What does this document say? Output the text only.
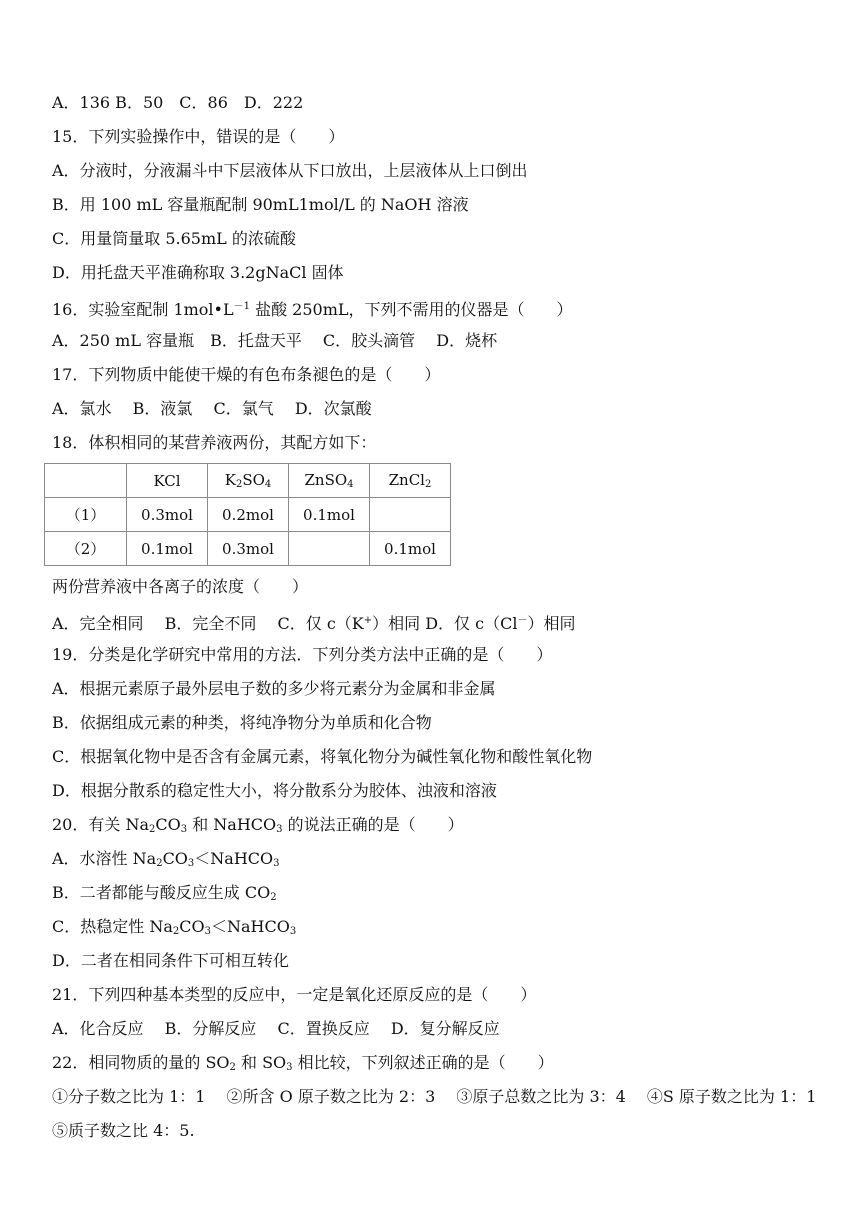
A．136 B．50　C．86　D．222
15．下列实验操作中，错误的是（　　）
A．分液时，分液漏斗中下层液体从下口放出，上层液体从上口倒出
B．用 100 mL 容量瓶配制 90mL1mol/L 的 NaOH 溶液
C．用量筒量取 5.65mL 的浓硫酸
D．用托盘天平准确称取 3.2gNaCl 固体
16．实验室配制 $1mol•L^{-1}$ 盐酸 250mL，下列不需用的仪器是（　　）
A．250 mL 容量瓶　B．托盘天平　 C．胶头滴管　 D．烧杯
17．下列物质中能使干燥的有色布条褪色的是（　　）
A．氯水　 B．液氯　 C．氯气　 D．次氯酸
18．体积相同的某营养液两份，其配方如下：
	KCl	$K_2SO_4$	ZnSO$_4$	ZnCl$_2$
（1）	0.3mol	0.2mol	0.1mol	
（2）	0.1mol	0.3mol		0.1mol
两份营养液中各离子的浓度（　　）
A．完全相同　 B．完全不同　 C．仅 c（K+）相同 D．仅 c（Cl－）相同
19．分类是化学研究中常用的方法．下列分类方法中正确的是（　　）
A．根据元素原子最外层电子数的多少将元素分为金属和非金属
B．依据组成元素的种类，将纯净物分为单质和化合物
C．根据氧化物中是否含有金属元素，将氧化物分为碱性氧化物和酸性氧化物
D．根据分散系的稳定性大小，将分散系分为胶体、浊液和溶液
20．有关 $Na_2CO_3$ 和 NaHCO$_3$ 的说法正确的是（　　）
A．水溶性 $Na_2CO_3<NaHCO_3$
B．二者都能与酸反应生成 $CO_2$
C．热稳定性 $Na_2CO_3<NaHCO_3$
D．二者在相同条件下可相互转化
21．下列四种基本类型的反应中，一定是氧化还原反应的是（　　）
A．化合反应　 B．分解反应　 C．置换反应　 D．复分解反应
22．相同物质的量的 $SO_2$ 和 $SO_3$ 相比较，下列叙述正确的是（　　）
①分子数之比为 1：1　 ②所含 O 原子数之比为 2：3　 ③原子总数之比为 3：4　 ④S 原子数之比为 1：1　 ⑤质子数之比 4：5.
